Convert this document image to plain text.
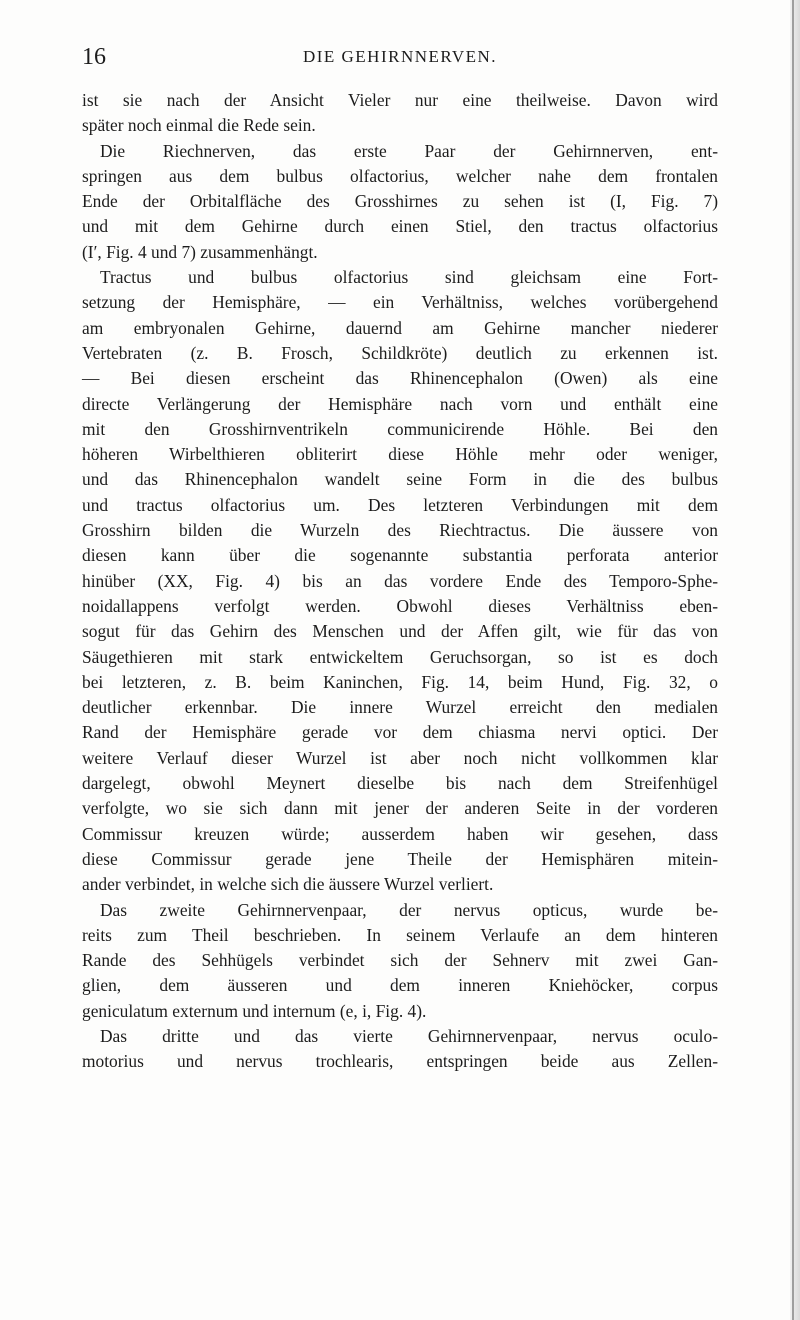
16	DIE GEHIRNNERVEN.
ist sie nach der Ansicht Vieler nur eine theilweise. Davon wird
später noch einmal die Rede sein.
Die Riechnerven, das erste Paar der Gehirnnerven, ent-
springen aus dem bulbus olfactorius, welcher nahe dem frontalen
Ende der Orbitalfläche des Grosshirnes zu sehen ist (I, Fig. 7)
und mit dem Gehirne durch einen Stiel, den tractus olfactorius
(I′, Fig. 4 und 7) zusammenhängt.
Tractus und bulbus olfactorius sind gleichsam eine Fort-
setzung der Hemisphäre, — ein Verhältniss, welches vorübergehend
am embryonalen Gehirne, dauernd am Gehirne mancher niederer
Vertebraten (z. B. Frosch, Schildkröte) deutlich zu erkennen ist.
— Bei diesen erscheint das Rhinencephalon (Owen) als eine
directe Verlängerung der Hemisphäre nach vorn und enthält eine
mit den Grosshirnventrikeln communicirende Höhle. Bei den
höheren Wirbelthieren obliterirt diese Höhle mehr oder weniger,
und das Rhinencephalon wandelt seine Form in die des bulbus
und tractus olfactorius um. Des letzteren Verbindungen mit dem
Grosshirn bilden die Wurzeln des Riechtractus. Die äussere von
diesen kann über die sogenannte substantia perforata anterior
hinüber (XX, Fig. 4) bis an das vordere Ende des Temporo-Sphe-
noidallappens verfolgt werden. Obwohl dieses Verhältniss eben-
sogut für das Gehirn des Menschen und der Affen gilt, wie für das von
Säugethieren mit stark entwickeltem Geruchsorgan, so ist es doch
bei letzteren, z. B. beim Kaninchen, Fig. 14, beim Hund, Fig. 32, o
deutlicher erkennbar. Die innere Wurzel erreicht den medialen
Rand der Hemisphäre gerade vor dem chiasma nervi optici. Der
weitere Verlauf dieser Wurzel ist aber noch nicht vollkommen klar
dargelegt, obwohl Meynert dieselbe bis nach dem Streifenhügel
verfolgte, wo sie sich dann mit jener der anderen Seite in der vorderen
Commissur kreuzen würde; ausserdem haben wir gesehen, dass
diese Commissur gerade jene Theile der Hemisphären mitein-
ander verbindet, in welche sich die äussere Wurzel verliert.
Das zweite Gehirnnervenpaar, der nervus opticus, wurde be-
reits zum Theil beschrieben. In seinem Verlaufe an dem hinteren
Rande des Sehhügels verbindet sich der Sehnerv mit zwei Gan-
glien, dem äusseren und dem inneren Kniehöcker, corpus
geniculatum externum und internum (e, i, Fig. 4).
Das dritte und das vierte Gehirnnervenpaar, nervus oculo-
motorius und nervus trochlearis, entspringen beide aus Zellen-
